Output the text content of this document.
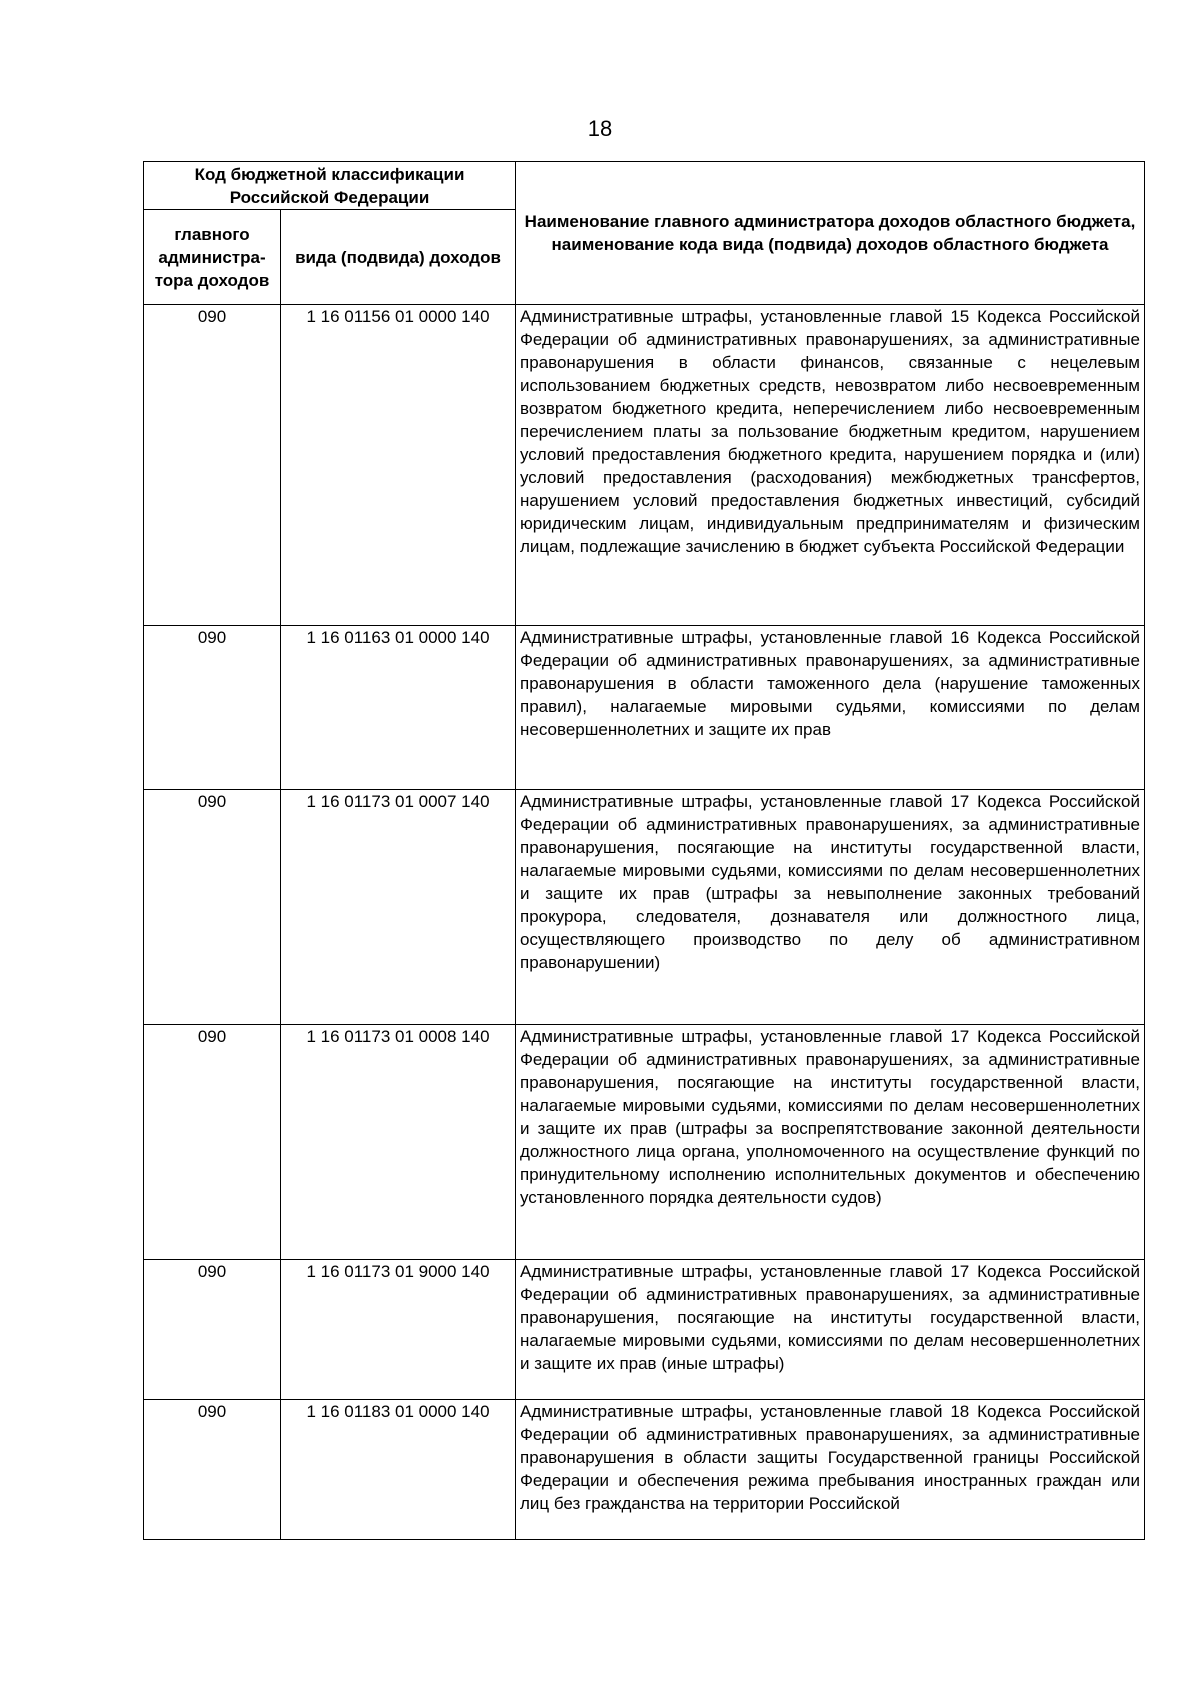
18
Код бюджетной классификации Российской Федерации		Наименование главного администратора доходов областного бюджета, наименование кода вида (подвида) доходов областного бюджета
главного администра-тора доходов	вида (подвида) доходов	
090	1 16 01156 01 0000 140	Административные штрафы, установленные главой 15 Кодекса Российской Федерации об административных правонарушениях, за административные правонарушения в области финансов, связанные с нецелевым использованием бюджетных средств, невозвратом либо несвоевременным возвратом бюджетного кредита, неперечислением либо несвоевременным перечислением платы за пользование бюджетным кредитом, нарушением условий предоставления бюджетного кредита, нарушением порядка и (или) условий предоставления (расходования) межбюджетных трансфертов, нарушением условий предоставления бюджетных инвестиций, субсидий юридическим лицам, индивидуальным предпринимателям и физическим лицам, подлежащие зачислению в бюджет субъекта Российской Федерации
090	1 16 01163 01 0000 140	Административные штрафы, установленные главой 16 Кодекса Российской Федерации об административных правонарушениях, за административные правонарушения в области таможенного дела (нарушение таможенных правил), налагаемые мировыми судьями, комиссиями по делам несовершеннолетних и защите их прав
090	1 16 01173 01 0007 140	Административные штрафы, установленные главой 17 Кодекса Российской Федерации об административных правонарушениях, за административные правонарушения, посягающие на институты государственной власти, налагаемые мировыми судьями, комиссиями по делам несовершеннолетних и защите их прав (штрафы за невыполнение законных требований прокурора, следователя, дознавателя или должностного лица, осуществляющего производство по делу об административном правонарушении)
090	1 16 01173 01 0008 140	Административные штрафы, установленные главой 17 Кодекса Российской Федерации об административных правонарушениях, за административные правонарушения, посягающие на институты государственной власти, налагаемые мировыми судьями, комиссиями по делам несовершеннолетних и защите их прав (штрафы за воспрепятствование законной деятельности должностного лица органа, уполномоченного на осуществление функций по принудительному исполнению исполнительных документов и обеспечению установленного порядка деятельности судов)
090	1 16 01173 01 9000 140	Административные штрафы, установленные главой 17 Кодекса Российской Федерации об административных правонарушениях, за административные правонарушения, посягающие на институты государственной власти, налагаемые мировыми судьями, комиссиями по делам несовершеннолетних и защите их прав (иные штрафы)
090	1 16 01183 01 0000 140	Административные штрафы, установленные главой 18 Кодекса Российской Федерации об административных правонарушениях, за административные правонарушения в области защиты Государственной границы Российской Федерации и обеспечения режима пребывания иностранных граждан или лиц без гражданства на территории Российской
